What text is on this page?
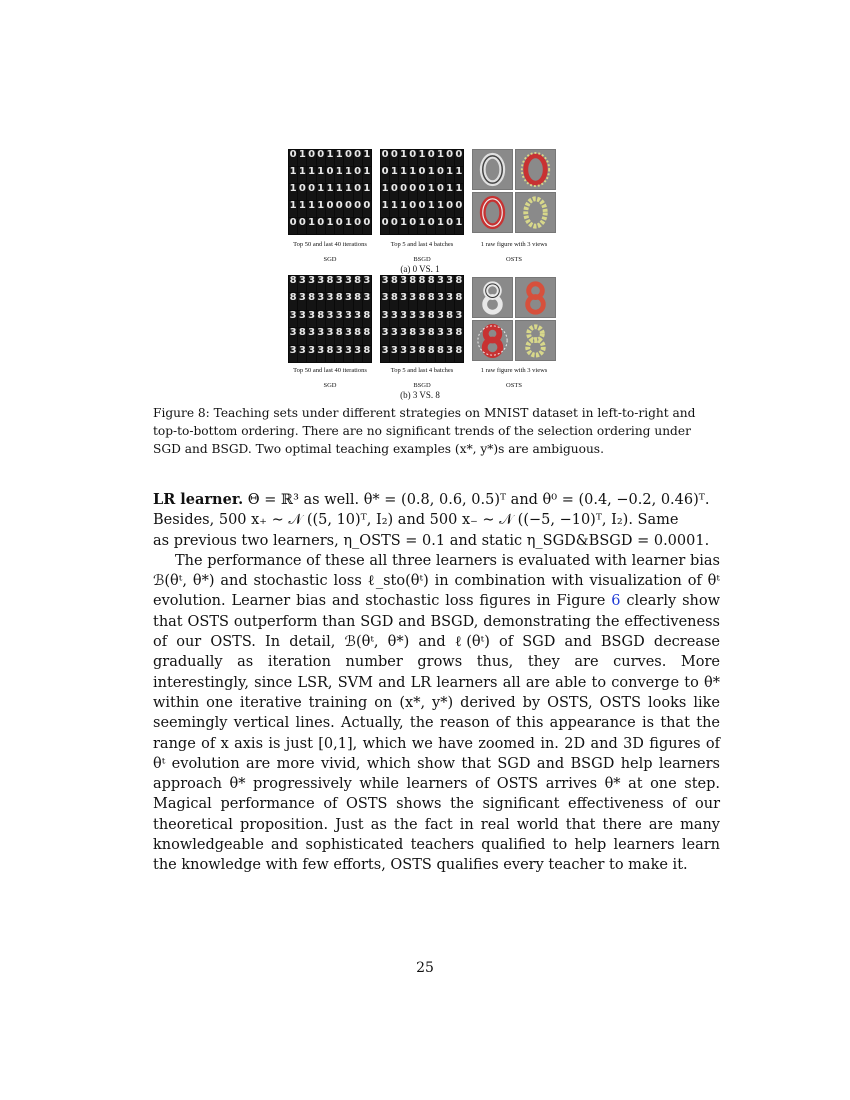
0 1 0 0 1 1 0 0 1
1 1 1 1 0 1 1 0 1
1 0 0 1 1 1 1 0 1
1 1 1 1 0 0 0 0 0
0 0 1 0 1 0 1 0 0
0 0 1 0 1 0 1 0 0
0 1 1 1 0 1 0 1 1
1 0 0 0 0 1 0 1 1
1 1 1 0 0 1 1 0 0
0 0 1 0 1 0 1 0 1
Top 50 and last 40 iterations	Top 5 and last 4 batches	1 raw figure with 3 views
SGD	BSGD	OSTS
(a) 0 VS. 1
8 3 3 3 8 3 3 8 3
8 3 8 3 3 8 3 8 3
3 3 3 8 3 3 3 3 8
3 8 3 3 3 8 3 8 8
3 3 3 3 8 3 3 3 8
3 8 3 8 8 8 3 3 8
3 8 3 3 8 8 3 3 8
3 3 3 3 3 8 3 8 3
3 3 3 8 3 8 3 3 8
3 3 3 3 8 8 8 3 8
Top 50 and last 40 iterations	Top 5 and last 4 batches	1 raw figure with 3 views
SGD	BSGD	OSTS
(b) 3 VS. 8
Figure 8: Teaching sets under different strategies on MNIST dataset in left-to-right and top-to-bottom ordering. There are no significant trends of the selection ordering under SGD and BSGD. Two optimal teaching examples (x*, y*)s are ambiguous.

LR learner. Θ = ℝ³ as well. θ* = (0.8, 0.6, 0.5)ᵀ and θ⁰ = (0.4, −0.2, 0.46)ᵀ.
Besides, 500 x₊ ∼ 𝒩 ((5, 10)ᵀ, I₂) and 500 x₋ ∼ 𝒩 ((−5, −10)ᵀ, I₂). Same
as previous two learners, η_OSTS = 0.1 and static η_SGD&BSGD = 0.0001.

The performance of these all three learners is evaluated with learner bias ℬ(θᵗ, θ*) and stochastic loss ℓ_sto(θᵗ) in combination with visualization of θᵗ evolution. Learner bias and stochastic loss figures in Figure 6 clearly show that OSTS outperform than SGD and BSGD, demonstrating the effectiveness of our OSTS. In detail, ℬ(θᵗ, θ*) and ℓ(θᵗ) of SGD and BSGD decrease gradually as iteration number grows thus, they are curves. More interestingly, since LSR, SVM and LR learners all are able to converge to θ* within one iterative training on (x*, y*) derived by OSTS, OSTS looks like seemingly vertical lines. Actually, the reason of this appearance is that the range of x axis is just [0,1], which we have zoomed in. 2D and 3D figures of θᵗ evolution are more vivid, which show that SGD and BSGD help learners approach θ* progressively while learners of OSTS arrives θ* at one step. Magical performance of OSTS shows the significant effectiveness of our theoretical proposition. Just as the fact in real world that there are many knowledgeable and sophisticated teachers qualified to help learners learn the knowledge with few efforts, OSTS qualifies every teacher to make it.

25
